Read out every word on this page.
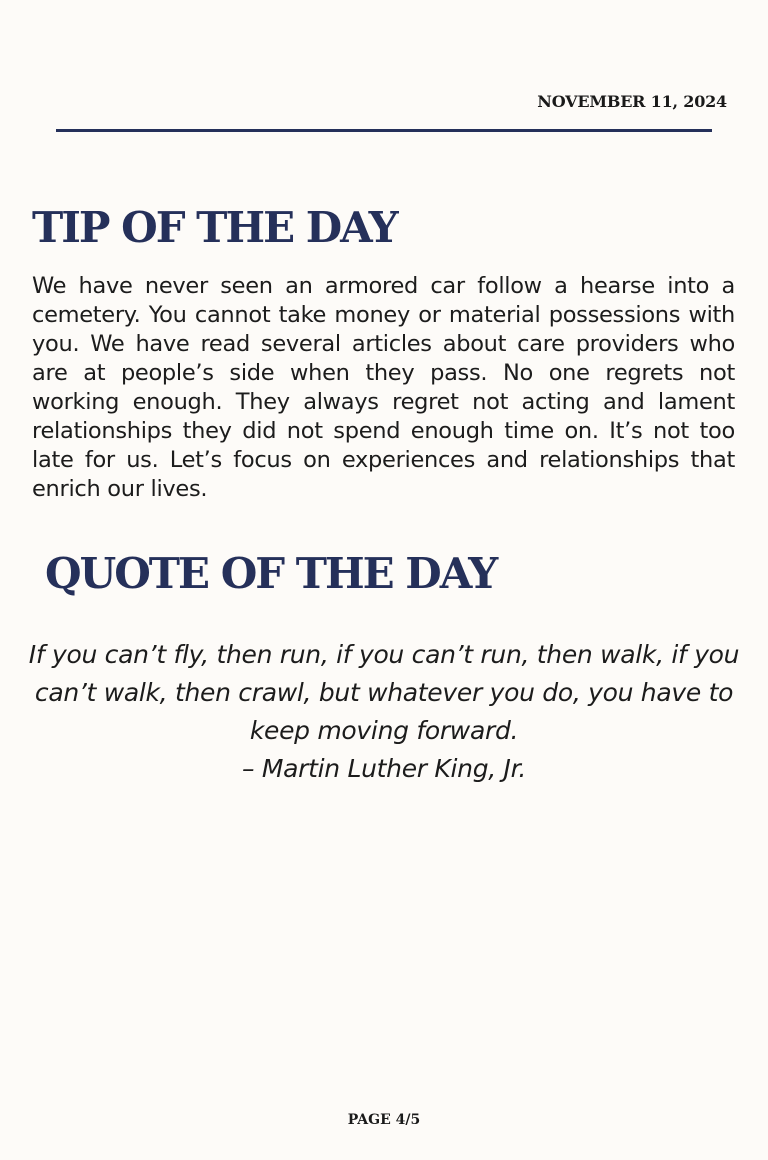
NOVEMBER 11, 2024
TIP OF THE DAY

We have never seen an armored car follow a hearse into a cemetery. You cannot take money or material possessions with you. We have read several articles about care providers who are at people’s side when they pass. No one regrets not working enough. They always regret not acting and lament relationships they did not spend enough time on. It’s not too late for us. Let’s focus on experiences and relationships that enrich our lives.

QUOTE OF THE DAY

If you can’t fly, then run, if you can’t run, then walk, if you
can’t walk, then crawl, but whatever you do, you have to
keep moving forward.
– Martin Luther King, Jr.

PAGE 4/5
